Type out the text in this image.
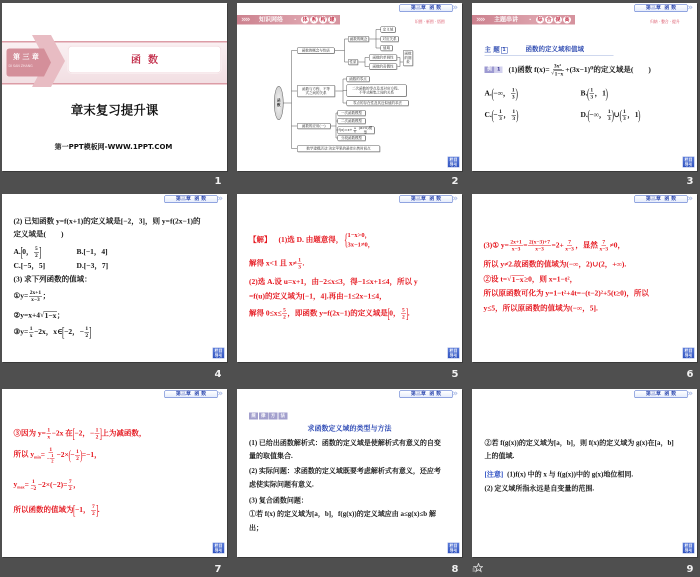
第 三 章
DI SAN ZHANG
函  数
章末复习提升课
第一PPT模板网-WWW.1PPT.COM
1
第三章  函 数 »
»» 知识网络 · 体 系 构 建	识图 · 析图 · 悟图
函数
函数的概念与性质
函数的概念
定义域
对应关系
值域
性质
函数的单调性
函数的奇偶性
函数的图象
函数与方程、不等式之间的关系
函数的零点
二次函数的零点及其对应方程、不等式解集之间的关系
零点的存在性及其近似值的求法
函数的应用(一)
一次函数模型
二次函数模型
$f(x)=x+ \frac{a}{x} (a>0)$模型
分段函数模型
数学建模活动:决定苹果的最佳出售时间点
栏目
导引
2
第三章  函 数 »
»» 主题串讲 · 综 合 提 高	归纳 · 整合 · 提升
主 题 1 函数的定义域和值域
例 1 (1)函数 $f(x)= \frac{\text{3x²}}{√ 1-x} +(3x-1)^0$ 的定义域是(　　)
A. ( −∞， $\frac{1}{3}$ )	B. ( $\frac{1}{3}$ ，1 )
C. ( − $\frac{1}{3}$ ， $\frac{1}{3}$ )	D. ( −∞， $\frac{1}{3}$ ) ∪ ( $\frac{1}{3}$ ，1 )
栏目
导引
3
第三章  函 数 »
(2) 已知函数 y=f(x+1)的定义域是[−2，3]，则 y=f(2x−1)的
定义域是(　　)
A. [ 0， $\frac{5}{2}$ ] B. [−1，4]
C. [−5，5] D. [−3，7]
(3) 求下列函数的值域：
① $y= \frac{2x+1}{x-3}$ ；
② y=x+4 √ 1−x ；
③ $y= \frac{1}{x} -2x$，x∈ [ −2，− $\frac{1}{2}$ ]
栏目
导引
4
第三章  函 数 »
【解】 (1)选 D. 由题意得， { 1−x>0，
3x−1≠0，
解得 x<1 且 $x\ne \frac{1}{3}$ .
(2)选 A.设 u=x+1，由−2≤x≤3，得−1≤x+1≤4，所以 y
=f(u)的定义域为[−1，4].再由−1≤2x−1≤4，
解得 $0\le x\le \frac{5}{2}$ ，即函数 y=f(2x−1)的定义域是 [ 0， $\frac{5}{2}$ ] .
栏目
导引
5
第三章  函 数 »
(3)① $y= \frac{2x+1}{x-3} = \frac{2(x-3)+7}{x-3} =2+ \frac{7}{x-3}$ ，显然 $\frac{7}{x-3} \ne 0$，
所以 y≠2.故函数的值域为(−∞，2)∪(2，+∞).
②设 t= √ 1−x ≥0，则 x=1−t²，
所以原函数可化为 y=1−t²+4t=−(t−2)²+5(t≥0)，所以
y≤5，所以原函数的值域为(−∞，5].
栏目
导引
6
第三章  函 数 »
③因为 $y= \frac{1}{x} -2x$ 在 [ −2，− $\frac{1}{2}$ ] 上为减函数，
所以 $y_{min} = \frac{1}{- \frac{1}{2}} -2\times$ ( − $\frac{1}{2}$ ) =−1，
$y_{max} = \frac{1}{-2} -2\times(-2)= \frac{7}{2}$ ，
所以函数的值域为 [ −1， $\frac{7}{2}$ ] .
栏目
导引
7
第三章  函 数 »
规 律 方 法
求函数定义域的类型与方法
(1) 已给出函数解析式：函数的定义域是使解析式有意义的自变
量的取值集合.
(2) 实际问题：求函数的定义域既要考虑解析式有意义，还应考
虑使实际问题有意义.
(3) 复合函数问题：
①若 f(x) 的定义域为[a，b]，f(g(x))的定义域应由 a≤g(x)≤b 解
出；
栏目
导引
8
第三章  函 数 »
②若 f(g(x))的定义域为[a，b]，则 f(x)的定义域为 g(x)在[a，b]
上的值域.
[注意] (1)f(x) 中的 x 与 f(g(x))中的 g(x)地位相同.
(2) 定义域所指永远是自变量的范围.
栏目
导引
9
